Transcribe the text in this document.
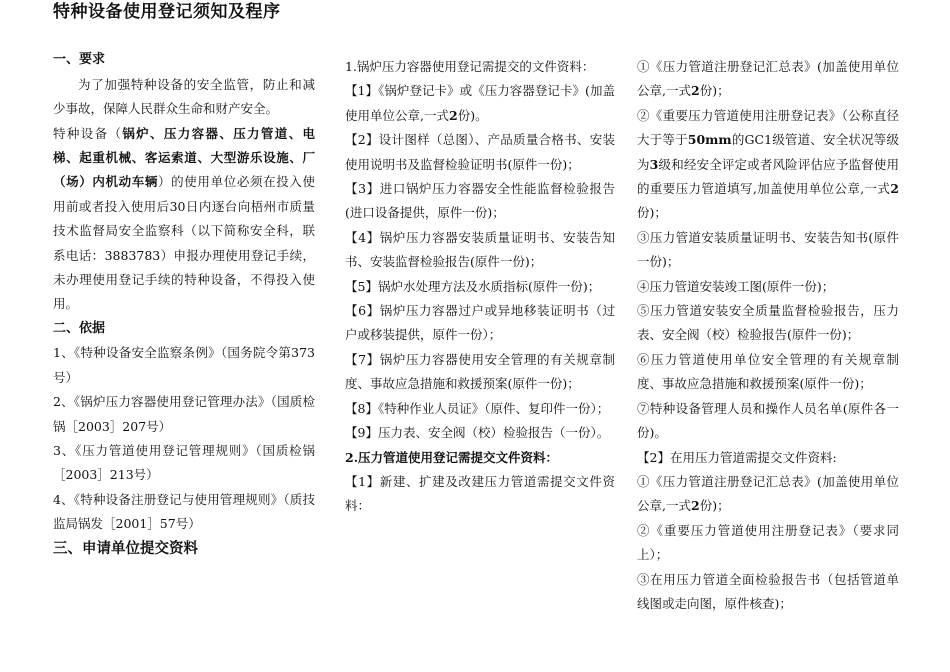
特种设备使用登记须知及程序

一、要求

为了加强特种设备的安全监管，防止和减少事故，保障人民群众生命和财产安全。

特种设备（锅炉、压力容器、压力管道、电梯、起重机械、客运索道、大型游乐设施、厂（场）内机动车辆）的使用单位必须在投入使用前或者投入使用后30日内逐台向梧州市质量技术监督局安全监察科（以下简称安全科，联系电话：3883783）申报办理使用登记手续，未办理使用登记手续的特种设备，不得投入使用。

二、依据

1、《特种设备安全监察条例》（国务院令第373号）

2、《锅炉压力容器使用登记管理办法》（国质检锅［2003］207号）

3、《压力管道使用登记管理规则》（国质检锅［2003］213号）

4、《特种设备注册登记与使用管理规则》（质技监局锅发［2001］57号）

三、申请单位提交资料

1.锅炉压力容器使用登记需提交的文件资料：

【1】《锅炉登记卡》或《压力容器登记卡》(加盖使用单位公章,一式2份)。

【2】设计图样（总图）、产品质量合格书、安装使用说明书及监督检验证明书(原件一份)；

【3】进口锅炉压力容器安全性能监督检验报告(进口设备提供，原件一份)；

【4】锅炉压力容器安装质量证明书、安装告知书、安装监督检验报告(原件一份)；

【5】锅炉水处理方法及水质指标(原件一份)；

【6】锅炉压力容器过户或异地移装证明书（过户或移装提供，原件一份）；

【7】锅炉压力容器使用安全管理的有关规章制度、事故应急措施和救援预案(原件一份)；

【8】《特种作业人员证》（原件、复印件一份）；

【9】压力表、安全阀（校）检验报告（一份）。

2.压力管道使用登记需提交文件资料：

【1】新建、扩建及改建压力管道需提交文件资料：

①《压力管道注册登记汇总表》(加盖使用单位公章,一式2份)；

②《重要压力管道使用注册登记表》（公称直径大于等于50mm的GC1级管道、安全状况等级为3级和经安全评定或者风险评估应予监督使用的重要压力管道填写,加盖使用单位公章,一式2份)；

③压力管道安装质量证明书、安装告知书(原件一份)；

④压力管道安装竣工图(原件一份)；

⑤压力管道安装安全质量监督检验报告，压力表、安全阀（校）检验报告(原件一份)；

⑥压力管道使用单位安全管理的有关规章制度、事故应急措施和救援预案(原件一份)；

⑦特种设备管理人员和操作人员名单(原件各一份)。

【2】在用压力管道需提交文件资料:

①《压力管道注册登记汇总表》(加盖使用单位公章,一式2份)；

②《重要压力管道使用注册登记表》（要求同上）；

③在用压力管道全面检验报告书（包括管道单线图或走向图，原件核查)；
